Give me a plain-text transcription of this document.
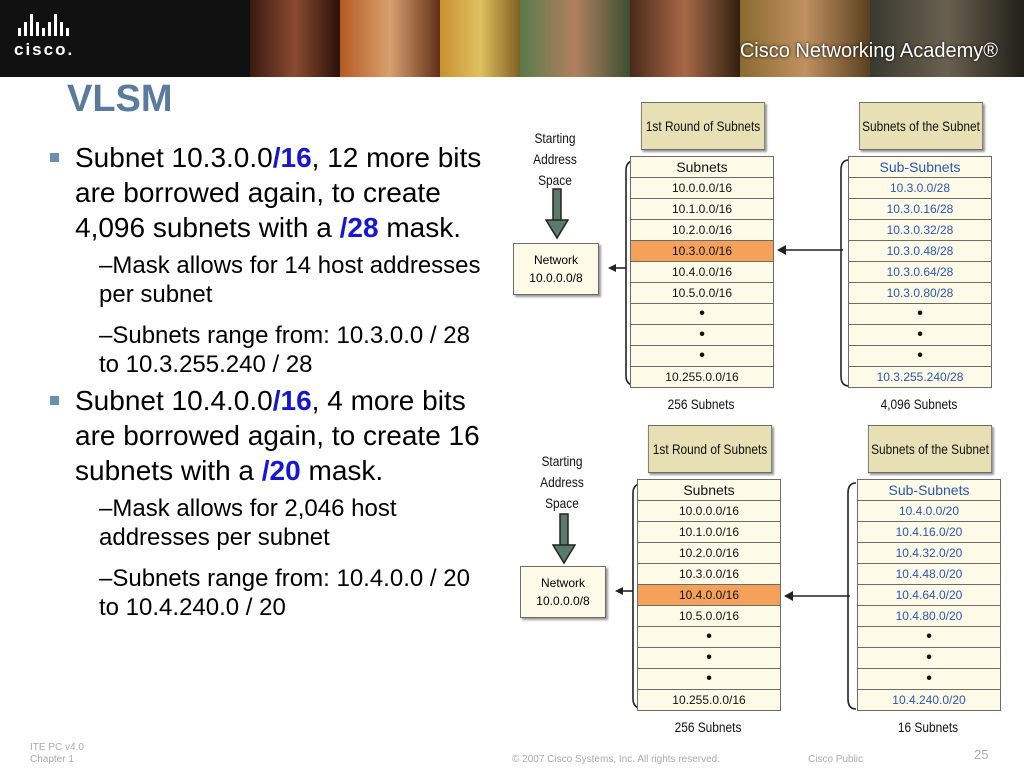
cisco.	Cisco Networking Academy®
VLSM
Subnet 10.3.0.0/16, 12 more bits are borrowed again, to create 4,096 subnets with a /28 mask.
–Mask allows for 14 host addresses per subnet
–Subnets range from: 10.3.0.0 / 28 to 10.3.255.240 / 28
Subnet 10.4.0.0/16, 4 more bits are borrowed again, to create 16 subnets with a /20 mask.
–Mask allows for 2,046 host addresses per subnet
–Subnets range from: 10.4.0.0 / 20 to 10.4.240.0 / 20
Starting Address Space
Network
10.0.0.0/8
1st Round of Subnets
Subnets
10.0.0.0/16
10.1.0.0/16
10.2.0.0/16
10.3.0.0/16
10.4.0.0/16
10.5.0.0/16
•
•
•
10.255.0.0/16
256 Subnets
Subnets of the Subnet
Sub-Subnets
10.3.0.0/28
10.3.0.16/28
10.3.0.32/28
10.3.0.48/28
10.3.0.64/28
10.3.0.80/28
•
•
•
10.3.255.240/28
4,096 Subnets
Starting Address Space
Network
10.0.0.0/8
1st Round of Subnets
Subnets
10.0.0.0/16
10.1.0.0/16
10.2.0.0/16
10.3.0.0/16
10.4.0.0/16
10.5.0.0/16
•
•
•
10.255.0.0/16
256 Subnets
Subnets of the Subnet
Sub-Subnets
10.4.0.0/20
10.4.16.0/20
10.4.32.0/20
10.4.48.0/20
10.4.64.0/20
10.4.80.0/20
•
•
•
10.4.240.0/20
16 Subnets
ITE PC v4.0
Chapter 1	© 2007 Cisco Systems, Inc. All rights reserved.	Cisco Public	25
